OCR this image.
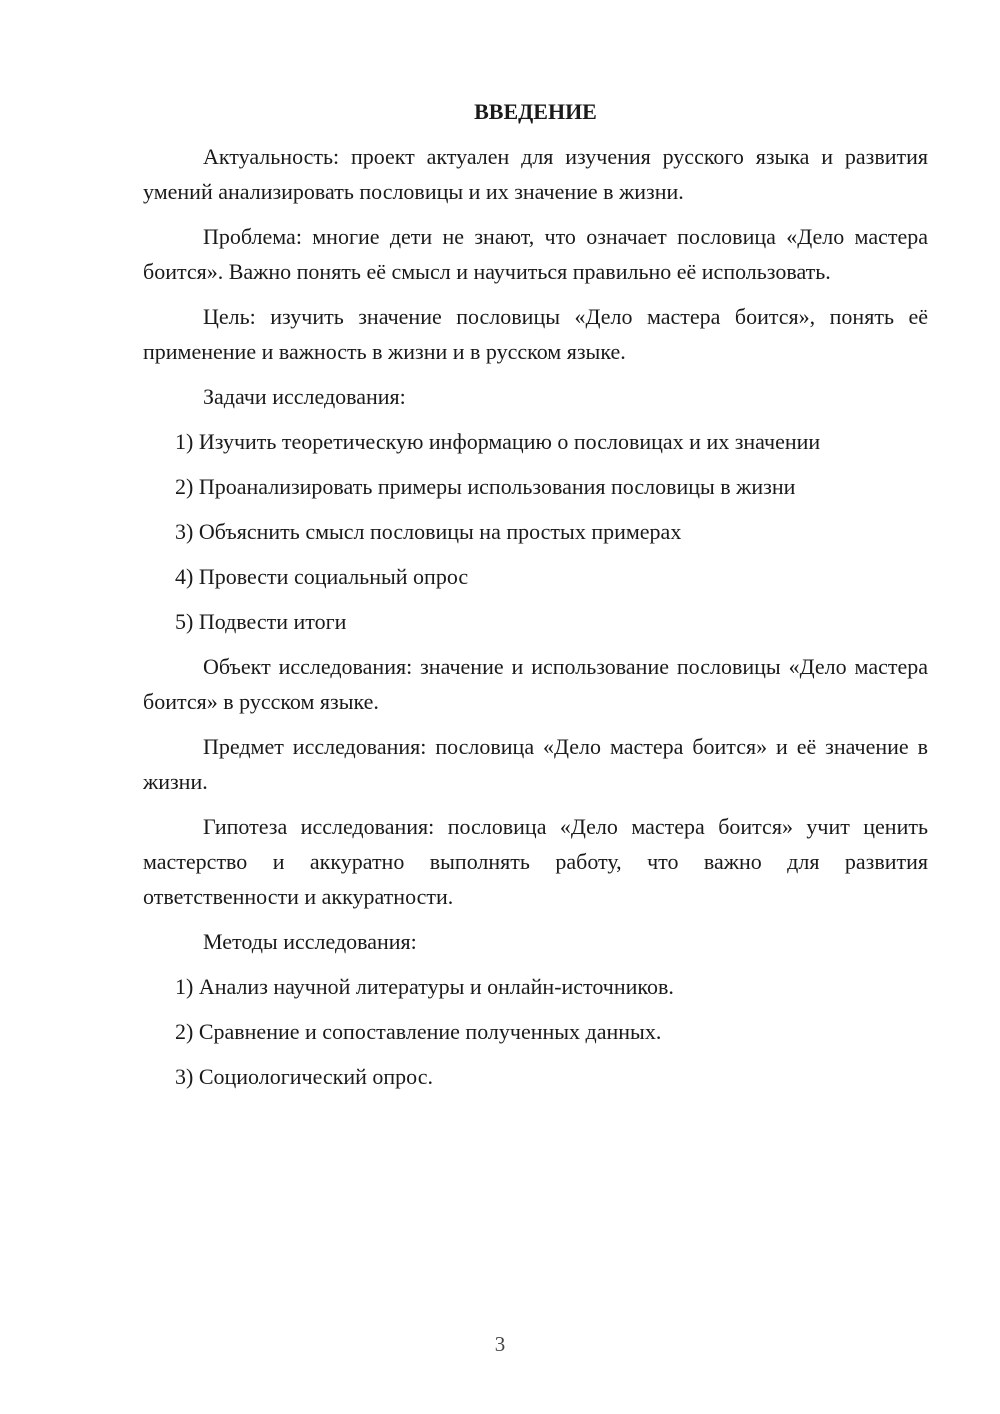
ВВЕДЕНИЕ

Актуальность: проект актуален для изучения русского языка и развития умений анализировать пословицы и их значение в жизни.

Проблема: многие дети не знают, что означает пословица «Дело мастера боится». Важно понять её смысл и научиться правильно её использовать.

Цель: изучить значение пословицы «Дело мастера боится», понять её применение и важность в жизни и в русском языке.

Задачи исследования:

1) Изучить теоретическую информацию о пословицах и их значении

2) Проанализировать примеры использования пословицы в жизни

3) Объяснить смысл пословицы на простых примерах

4) Провести социальный опрос

5) Подвести итоги

Объект исследования: значение и использование пословицы «Дело мастера боится» в русском языке.

Предмет исследования: пословица «Дело мастера боится» и её значение в жизни.

Гипотеза исследования: пословица «Дело мастера боится» учит ценить мастерство и аккуратно выполнять работу, что важно для развития ответственности и аккуратности.

Методы исследования:

1) Анализ научной литературы и онлайн-источников.

2) Сравнение и сопоставление полученных данных.

3) Социологический опрос.

3
